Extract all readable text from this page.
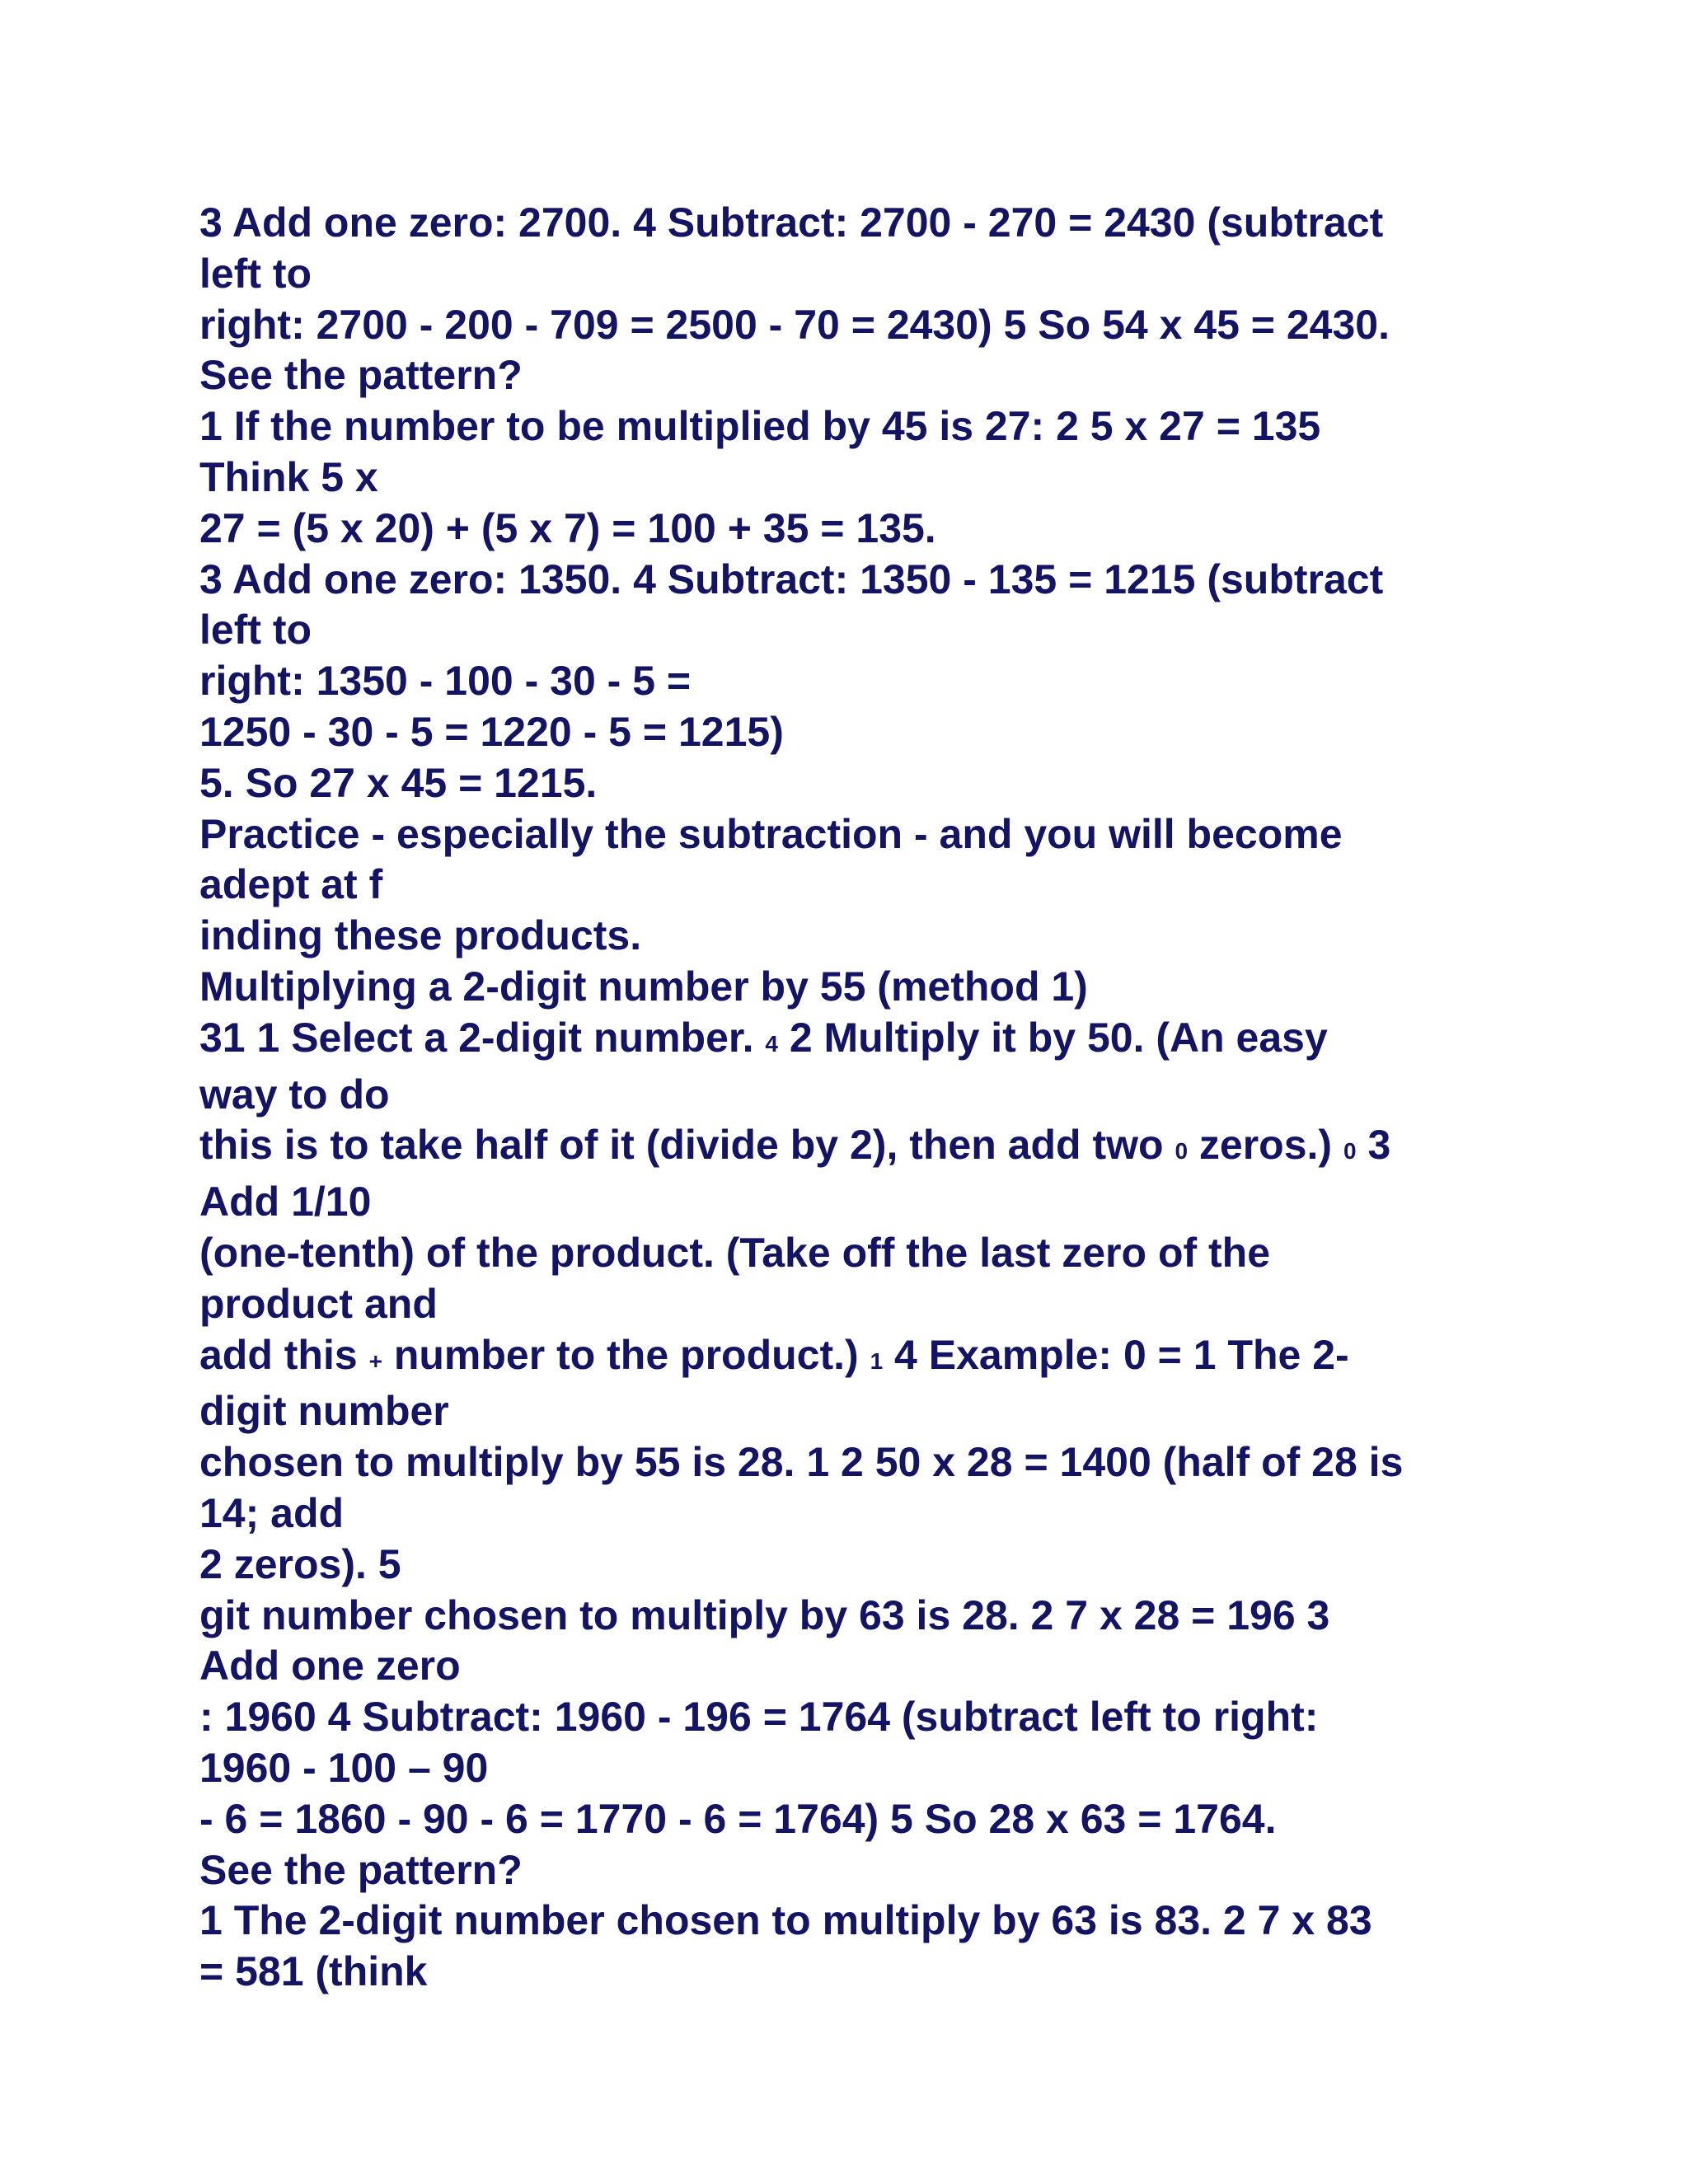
3 Add one zero: 2700. 4 Subtract: 2700 - 270 = 2430 (subtract
left to
right: 2700 - 200 - 709 = 2500 - 70 = 2430) 5 So 54 x 45 = 2430.
See the pattern?
1 If the number to be multiplied by 45 is 27: 2 5 x 27 = 135
Think 5 x
27 = (5 x 20) + (5 x 7) = 100 + 35 = 135.
3 Add one zero: 1350. 4 Subtract: 1350 - 135 = 1215 (subtract
left to
right: 1350 - 100 - 30 - 5 =
1250 - 30 - 5 = 1220 - 5 = 1215)
5. So 27 x 45 = 1215.
Practice - especially the subtraction - and you will become
adept at f
inding these products.
Multiplying a 2-digit number by 55 (method 1)
31 1 Select a 2-digit number. 4 2 Multiply it by 50. (An easy
way to do
this is to take half of it (divide by 2), then add two 0 zeros.) 0 3
Add 1/10
(one-tenth) of the product. (Take off the last zero of the
product and
add this + number to the product.) 1 4 Example: 0 = 1 The 2-
digit number
chosen to multiply by 55 is 28. 1 2 50 x 28 = 1400 (half of 28 is
14; add
2 zeros). 5
git number chosen to multiply by 63 is 28. 2 7 x 28 = 196 3
Add one zero
: 1960 4 Subtract: 1960 - 196 = 1764 (subtract left to right:
1960 - 100 – 90
- 6 = 1860 - 90 - 6 = 1770 - 6 = 1764) 5 So 28 x 63 = 1764.
See the pattern?
1 The 2-digit number chosen to multiply by 63 is 83. 2 7 x 83
= 581 (think
